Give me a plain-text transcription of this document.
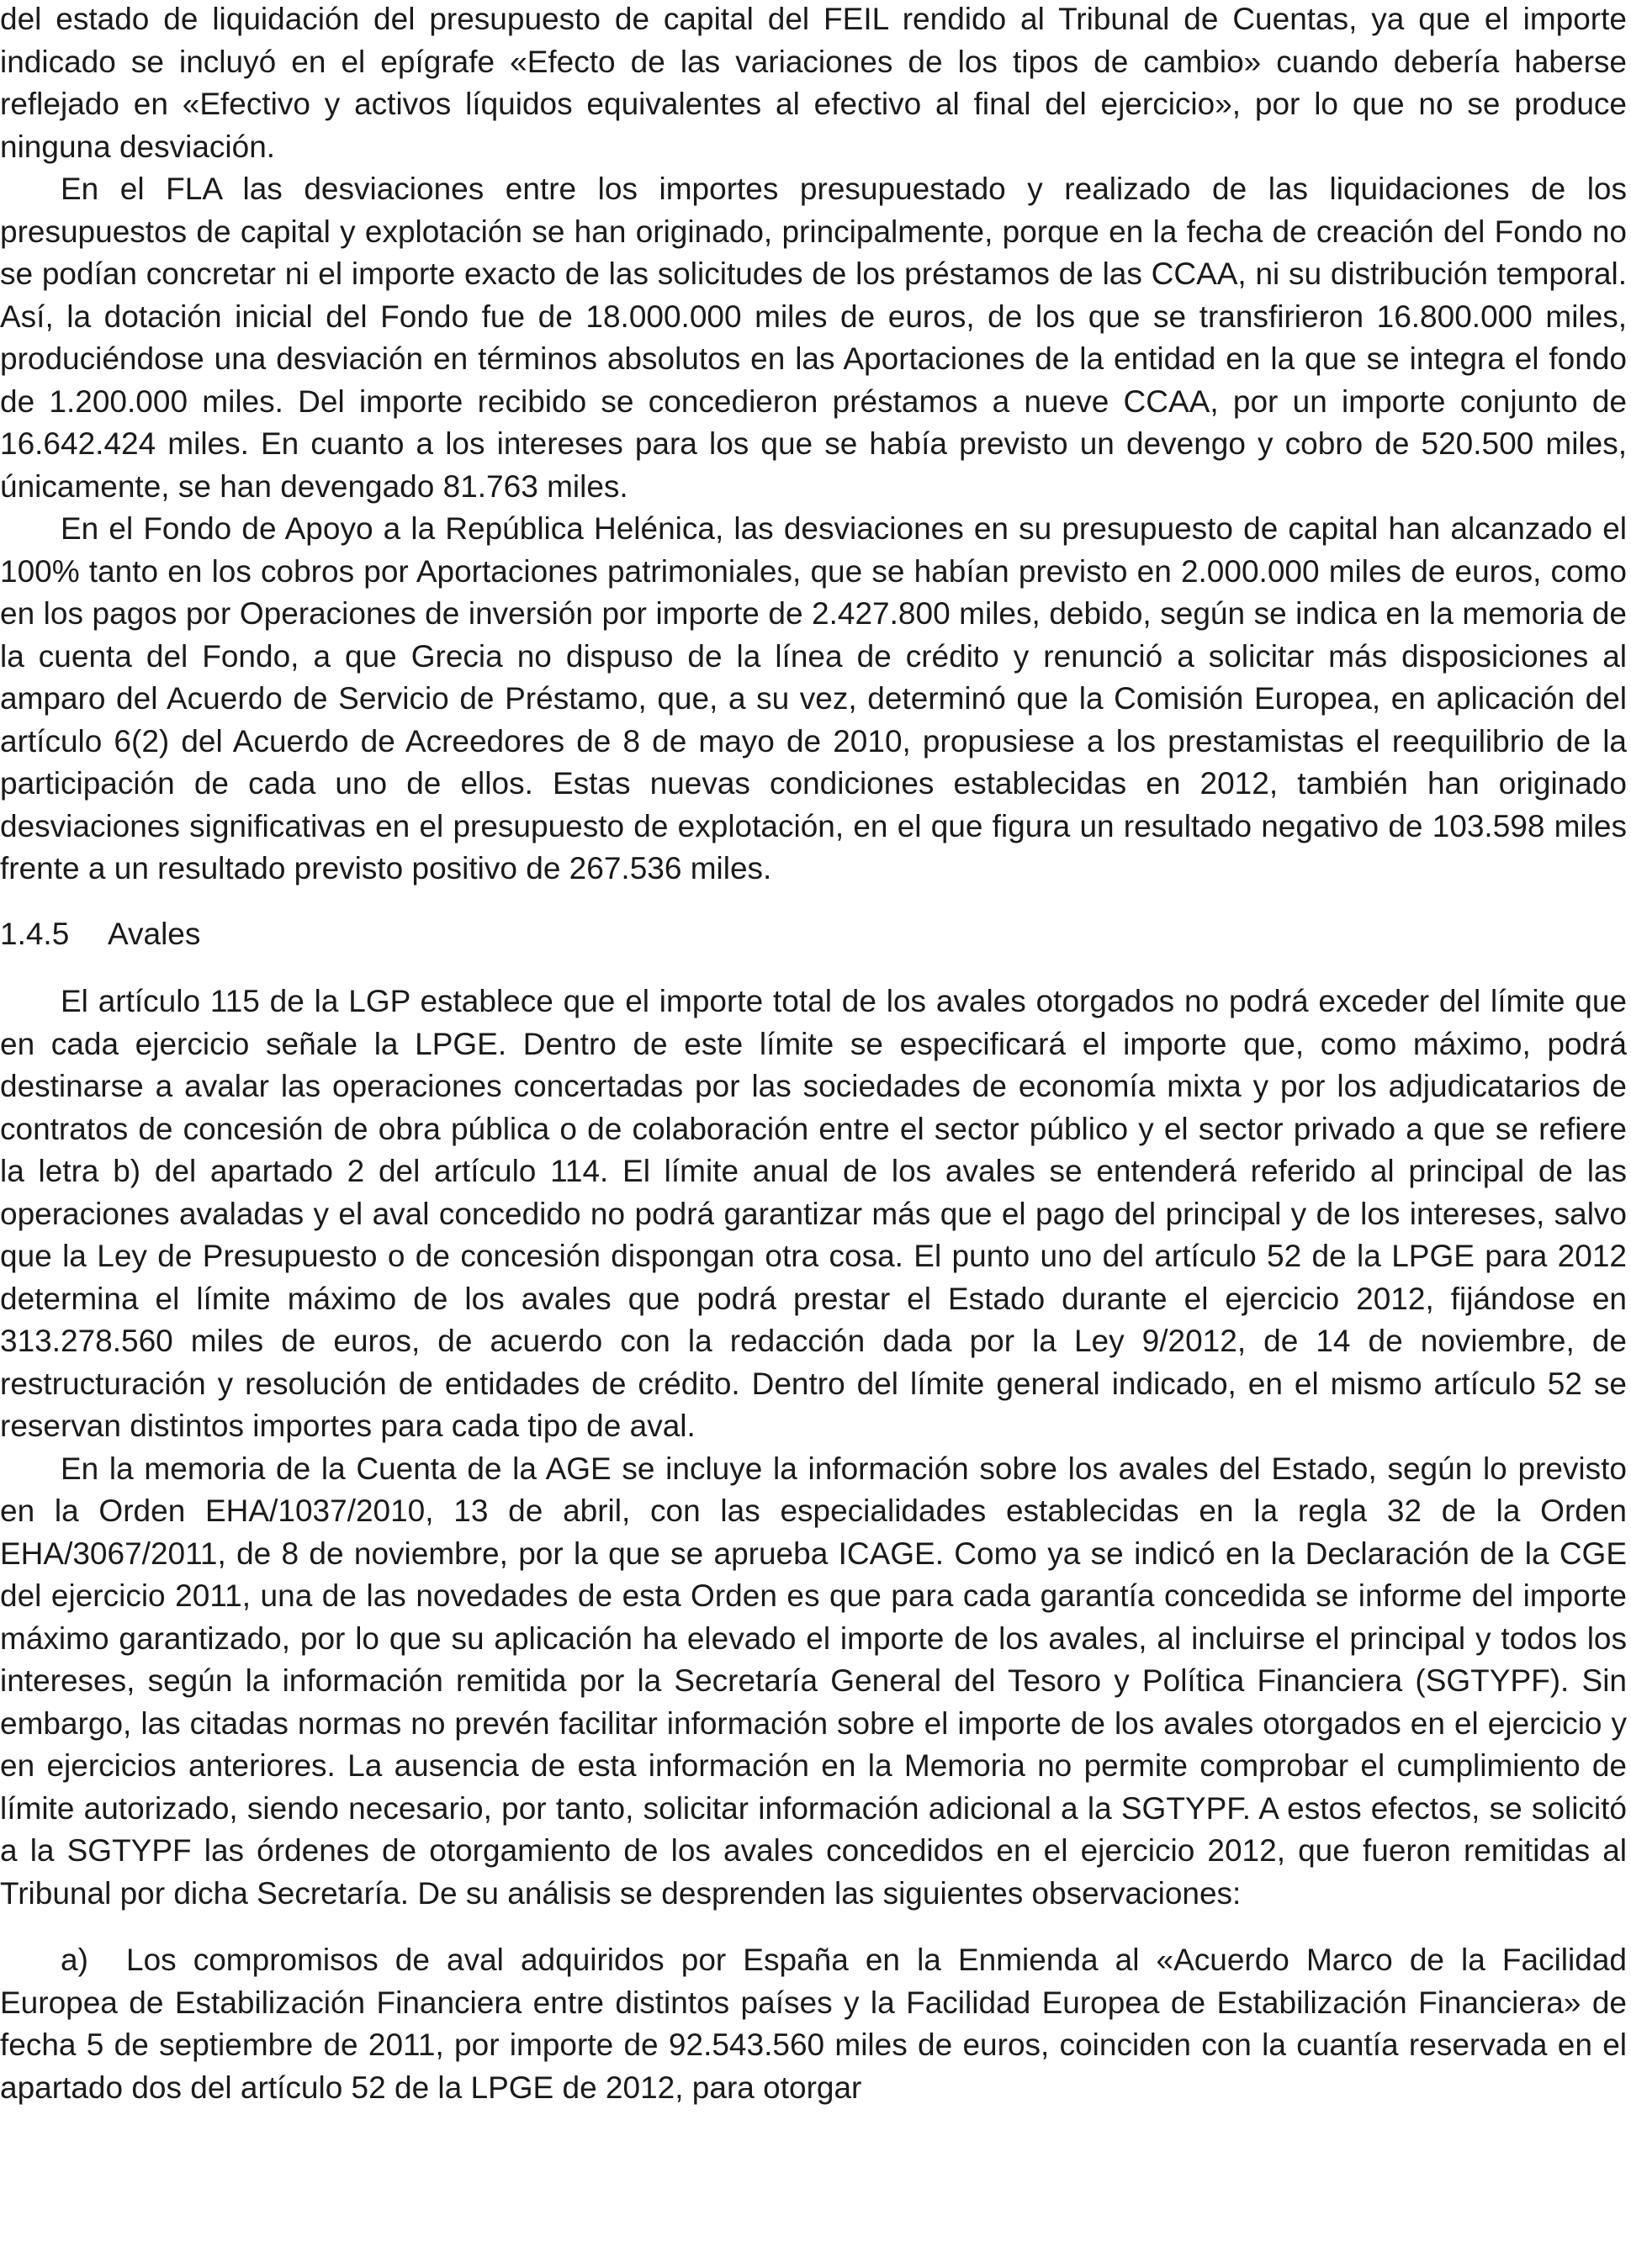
del estado de liquidación del presupuesto de capital del FEIL rendido al Tribunal de Cuentas, ya que el importe indicado se incluyó en el epígrafe «Efecto de las variaciones de los tipos de cambio» cuando debería haberse reflejado en «Efectivo y activos líquidos equivalentes al efectivo al final del ejercicio», por lo que no se produce ninguna desviación.

En el FLA las desviaciones entre los importes presupuestado y realizado de las liquidaciones de los presupuestos de capital y explotación se han originado, principalmente, porque en la fecha de creación del Fondo no se podían concretar ni el importe exacto de las solicitudes de los préstamos de las CCAA, ni su distribución temporal. Así, la dotación inicial del Fondo fue de 18.000.000 miles de euros, de los que se transfirieron 16.800.000 miles, produciéndose una desviación en términos absolutos en las Aportaciones de la entidad en la que se integra el fondo de 1.200.000 miles. Del importe recibido se concedieron préstamos a nueve CCAA, por un importe conjunto de 16.642.424 miles. En cuanto a los intereses para los que se había previsto un devengo y cobro de 520.500 miles, únicamente, se han devengado 81.763 miles.

En el Fondo de Apoyo a la República Helénica, las desviaciones en su presupuesto de capital han alcanzado el 100% tanto en los cobros por Aportaciones patrimoniales, que se habían previsto en 2.000.000 miles de euros, como en los pagos por Operaciones de inversión por importe de 2.427.800 miles, debido, según se indica en la memoria de la cuenta del Fondo, a que Grecia no dispuso de la línea de crédito y renunció a solicitar más disposiciones al amparo del Acuerdo de Servicio de Préstamo, que, a su vez, determinó que la Comisión Europea, en aplicación del artículo 6(2) del Acuerdo de Acreedores de 8 de mayo de 2010, propusiese a los prestamistas el reequilibrio de la participación de cada uno de ellos. Estas nuevas condiciones establecidas en 2012, también han originado desviaciones significativas en el presupuesto de explotación, en el que figura un resultado negativo de 103.598 miles frente a un resultado previsto positivo de 267.536 miles.

1.4.5	Avales

El artículo 115 de la LGP establece que el importe total de los avales otorgados no podrá exceder del límite que en cada ejercicio señale la LPGE. Dentro de este límite se especificará el importe que, como máximo, podrá destinarse a avalar las operaciones concertadas por las sociedades de economía mixta y por los adjudicatarios de contratos de concesión de obra pública o de colaboración entre el sector público y el sector privado a que se refiere la letra b) del apartado 2 del artículo 114. El límite anual de los avales se entenderá referido al principal de las operaciones avaladas y el aval concedido no podrá garantizar más que el pago del principal y de los intereses, salvo que la Ley de Presupuesto o de concesión dispongan otra cosa. El punto uno del artículo 52 de la LPGE para 2012 determina el límite máximo de los avales que podrá prestar el Estado durante el ejercicio 2012, fijándose en 313.278.560 miles de euros, de acuerdo con la redacción dada por la Ley 9/2012, de 14 de noviembre, de restructuración y resolución de entidades de crédito. Dentro del límite general indicado, en el mismo artículo 52 se reservan distintos importes para cada tipo de aval.

En la memoria de la Cuenta de la AGE se incluye la información sobre los avales del Estado, según lo previsto en la Orden EHA/1037/2010, 13 de abril, con las especialidades establecidas en la regla 32 de la Orden EHA/3067/2011, de 8 de noviembre, por la que se aprueba ICAGE. Como ya se indicó en la Declaración de la CGE del ejercicio 2011, una de las novedades de esta Orden es que para cada garantía concedida se informe del importe máximo garantizado, por lo que su aplicación ha elevado el importe de los avales, al incluirse el principal y todos los intereses, según la información remitida por la Secretaría General del Tesoro y Política Financiera (SGTYPF). Sin embargo, las citadas normas no prevén facilitar información sobre el importe de los avales otorgados en el ejercicio y en ejercicios anteriores. La ausencia de esta información en la Memoria no permite comprobar el cumplimiento de límite autorizado, siendo necesario, por tanto, solicitar información adicional a la SGTYPF. A estos efectos, se solicitó a la SGTYPF las órdenes de otorgamiento de los avales concedidos en el ejercicio 2012, que fueron remitidas al Tribunal por dicha Secretaría. De su análisis se desprenden las siguientes observaciones:

a) Los compromisos de aval adquiridos por España en la Enmienda al «Acuerdo Marco de la Facilidad Europea de Estabilización Financiera entre distintos países y la Facilidad Europea de Estabilización Financiera» de fecha 5 de septiembre de 2011, por importe de 92.543.560 miles de euros, coinciden con la cuantía reservada en el apartado dos del artículo 52 de la LPGE de 2012, para otorgar
